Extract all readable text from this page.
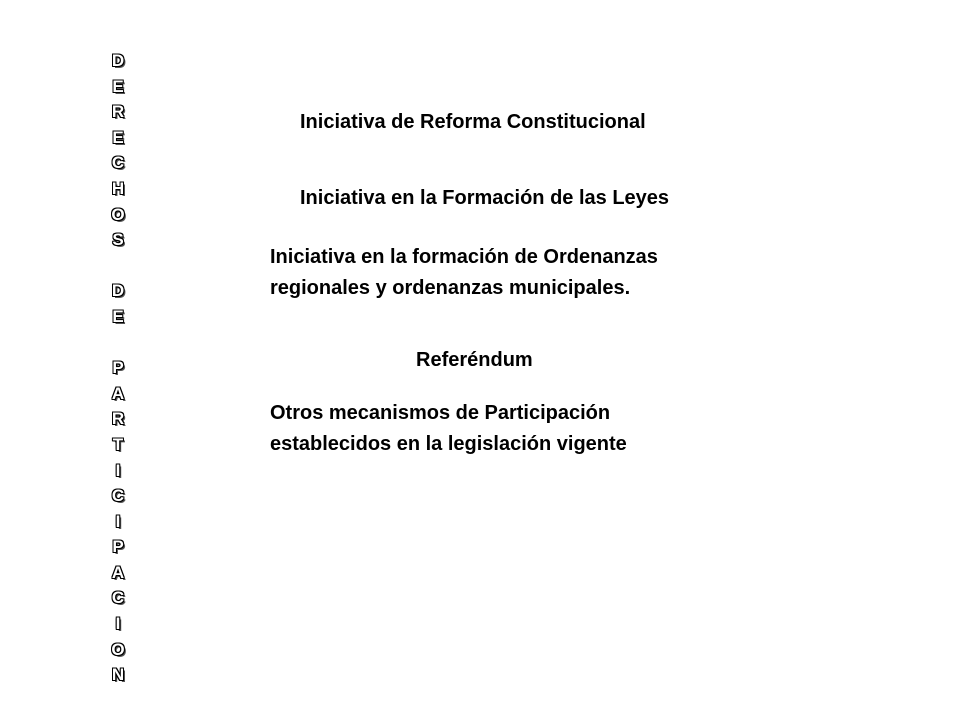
D
E
R
E
C
H
O
S
D
E
P
A
R
T
I
C
I
P
A
C
I
O
N
Iniciativa de Reforma Constitucional
Iniciativa en la Formación de las Leyes
Iniciativa en la formación de Ordenanzas
regionales y ordenanzas municipales.
Referéndum
Otros mecanismos de Participación
establecidos en la legislación vigente
